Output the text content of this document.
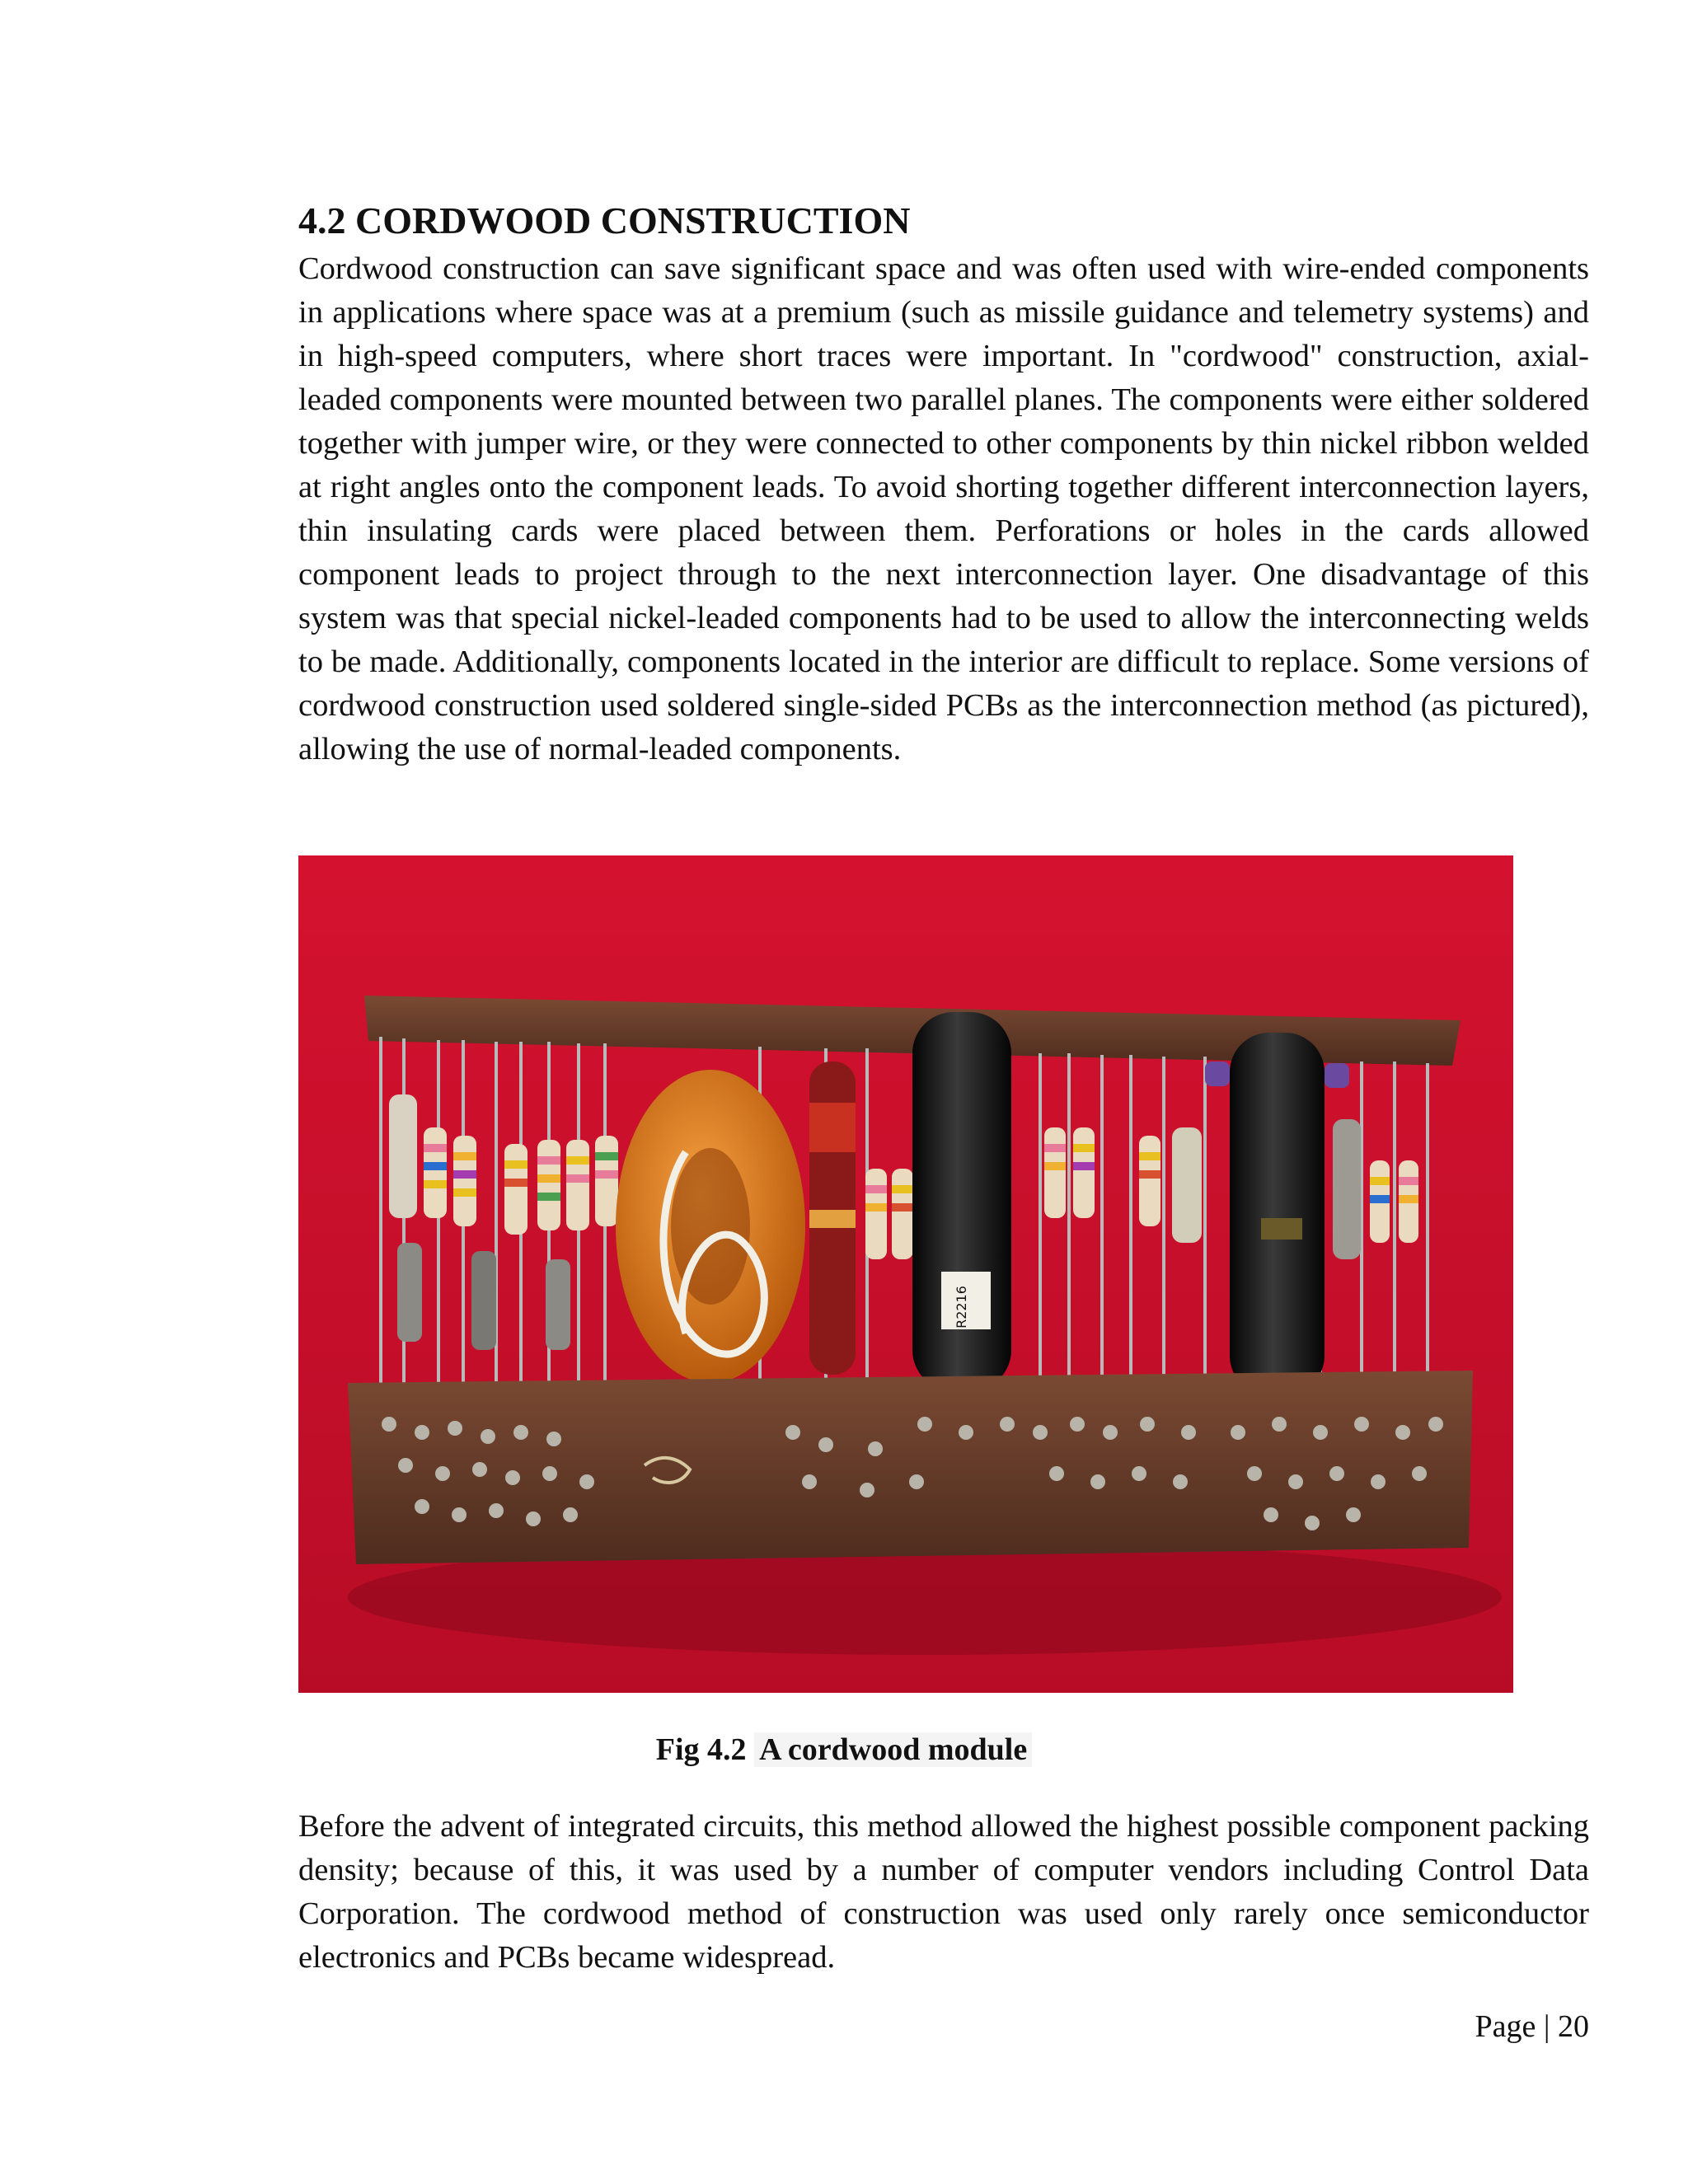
4.2 CORDWOOD CONSTRUCTION

Cordwood construction can save significant space and was often used with wire-ended components in applications where space was at a premium (such as missile guidance and telemetry systems) and in high-speed computers, where short traces were important. In "cordwood" construction, axial-leaded components were mounted between two parallel planes. The components were either soldered together with jumper wire, or they were connected to other components by thin nickel ribbon welded at right angles onto the component leads. To avoid shorting together different interconnection layers, thin insulating cards were placed between them. Perforations or holes in the cards allowed component leads to project through to the next interconnection layer. One disadvantage of this system was that special nickel-leaded components had to be used to allow the interconnecting welds to be made. Additionally, components located in the interior are difficult to replace. Some versions of cordwood construction used soldered single-sided PCBs as the interconnection method (as pictured), allowing the use of normal-leaded components.

R2216
Fig 4.2 A cordwood module

Before the advent of integrated circuits, this method allowed the highest possible component packing density; because of this, it was used by a number of computer vendors including Control Data Corporation. The cordwood method of construction was used only rarely once semiconductor electronics and PCBs became widespread.

Page | 20
